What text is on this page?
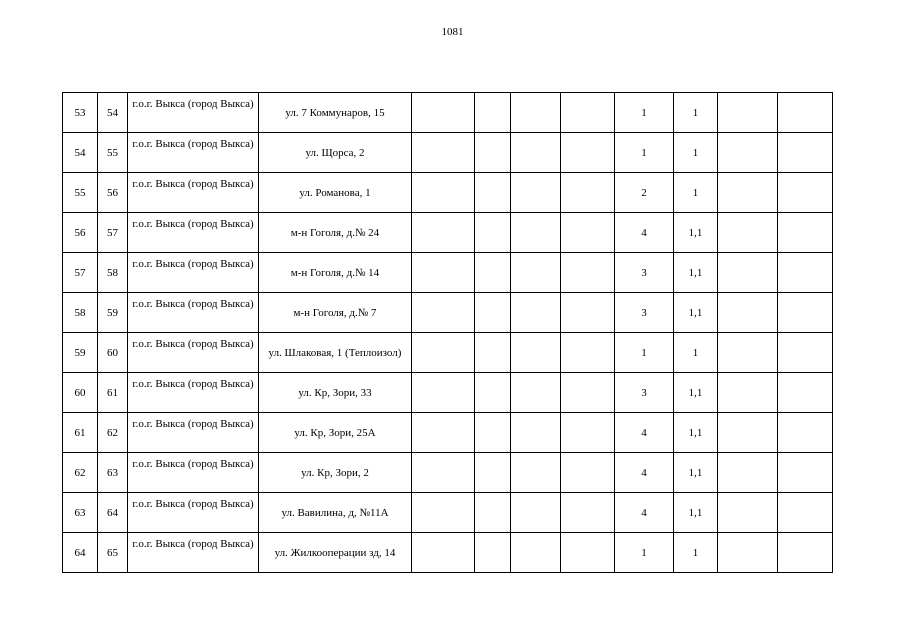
1081
53	54	г.о.г. Выкса (город Выкса)	ул. 7 Коммунаров, 15					1	1		
54	55	г.о.г. Выкса (город Выкса)	ул. Щорса, 2					1	1		
55	56	г.о.г. Выкса (город Выкса)	ул. Романова, 1					2	1		
56	57	г.о.г. Выкса (город Выкса)	м-н Гоголя, д.№ 24					4	1,1		
57	58	г.о.г. Выкса (город Выкса)	м-н Гоголя, д.№ 14					3	1,1		
58	59	г.о.г. Выкса (город Выкса)	м-н Гоголя, д.№ 7					3	1,1		
59	60	г.о.г. Выкса (город Выкса)	ул. Шлаковая, 1 (Теплоизол)					1	1		
60	61	г.о.г. Выкса (город Выкса)	ул. Кр, Зори, 33					3	1,1		
61	62	г.о.г. Выкса (город Выкса)	ул. Кр, Зори, 25А					4	1,1		
62	63	г.о.г. Выкса (город Выкса)	ул. Кр, Зори, 2					4	1,1		
63	64	г.о.г. Выкса (город Выкса)	ул. Вавилина, д, №11А					4	1,1		
64	65	г.о.г. Выкса (город Выкса)	ул. Жилкооперации зд, 14					1	1		
